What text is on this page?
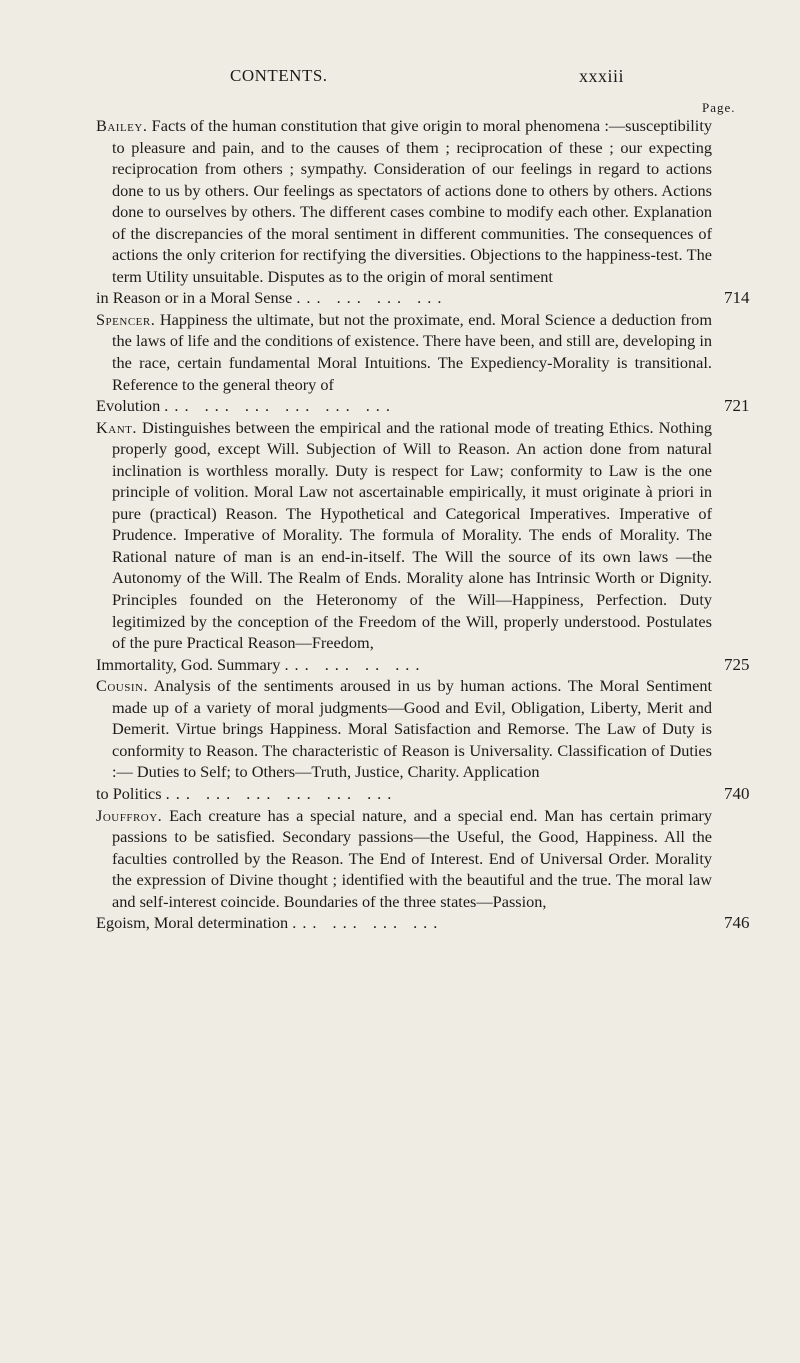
CONTENTS.	xxxiii
Page.

Bailey. Facts of the human constitution that give origin to moral phenomena :—susceptibility to pleasure and pain, and to the causes of them ; reciprocation of these ; our expecting reciprocation from others ; sympathy. Consideration of our feelings in regard to actions done to us by others. Our feelings as spectators of actions done to others by others. Actions done to ourselves by others. The different cases combine to modify each other. Explanation of the discrepancies of the moral sentiment in different communities. The consequences of actions the only criterion for rectifying the diversities. Objections to the happiness-test. The term Utility unsuitable. Disputes as to the origin of moral sentiment
in Reason or in a Moral Sense ... ... ... ...	714

Spencer. Happiness the ultimate, but not the proximate, end. Moral Science a deduction from the laws of life and the conditions of existence. There have been, and still are, developing in the race, certain fundamental Moral Intuitions. The Expediency-Morality is transitional. Reference to the general theory of
Evolution ... ... ... ... ... ...	721

Kant. Distinguishes between the empirical and the rational mode of treating Ethics. Nothing properly good, except Will. Subjection of Will to Reason. An action done from natural inclination is worthless morally. Duty is respect for Law; conformity to Law is the one principle of volition. Moral Law not ascertainable empirically, it must originate à priori in pure (practical) Reason. The Hypothetical and Categorical Imperatives. Imperative of Prudence. Imperative of Morality. The formula of Morality. The ends of Morality. The Rational nature of man is an end-in-itself. The Will the source of its own laws —the Autonomy of the Will. The Realm of Ends. Morality alone has Intrinsic Worth or Dignity. Principles founded on the Heteronomy of the Will—Happiness, Perfection. Duty legitimized by the conception of the Freedom of the Will, properly understood. Postulates of the pure Practical Reason—Freedom,
Immortality, God. Summary ... ... .. ...	725

Cousin. Analysis of the sentiments aroused in us by human actions. The Moral Sentiment made up of a variety of moral judgments—Good and Evil, Obligation, Liberty, Merit and Demerit. Virtue brings Happiness. Moral Satisfaction and Remorse. The Law of Duty is conformity to Reason. The characteristic of Reason is Universality. Classification of Duties :— Duties to Self; to Others—Truth, Justice, Charity. Application
to Politics ... ... ... ... ... ...	740

Jouffroy. Each creature has a special nature, and a special end. Man has certain primary passions to be satisfied. Secondary passions—the Useful, the Good, Happiness. All the faculties controlled by the Reason. The End of Interest. End of Universal Order. Morality the expression of Divine thought ; identified with the beautiful and the true. The moral law and self-interest coincide. Boundaries of the three states—Passion,
Egoism, Moral determination ... ... ... ...	746
